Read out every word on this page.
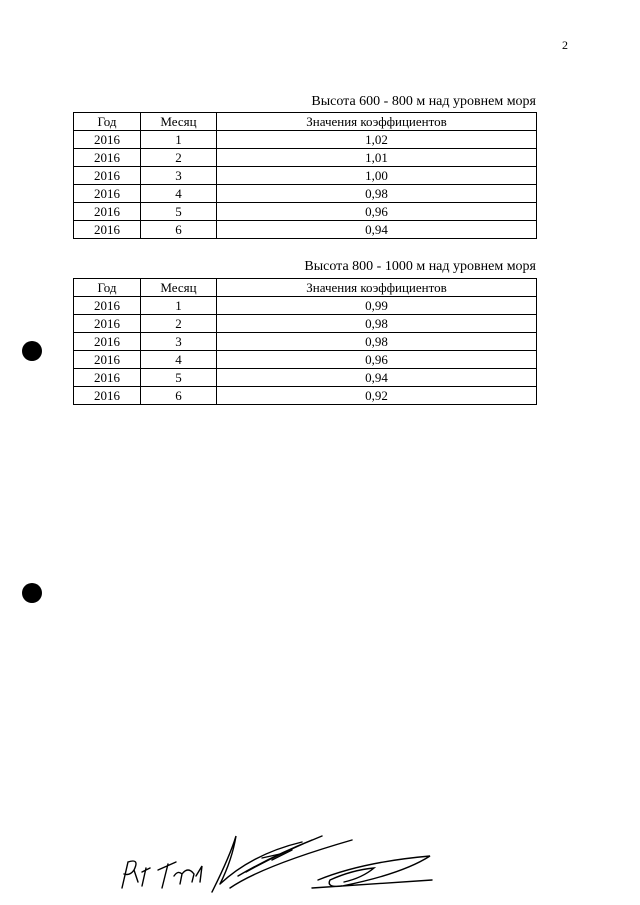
2
Высота 600 - 800 м над уровнем моря
Год	Месяц	Значения коэффициентов
2016	1	1,02
2016	2	1,01
2016	3	1,00
2016	4	0,98
2016	5	0,96
2016	6	0,94
Высота 800 - 1000 м над уровнем моря
Год	Месяц	Значения коэффициентов
2016	1	0,99
2016	2	0,98
2016	3	0,98
2016	4	0,96
2016	5	0,94
2016	6	0,92
